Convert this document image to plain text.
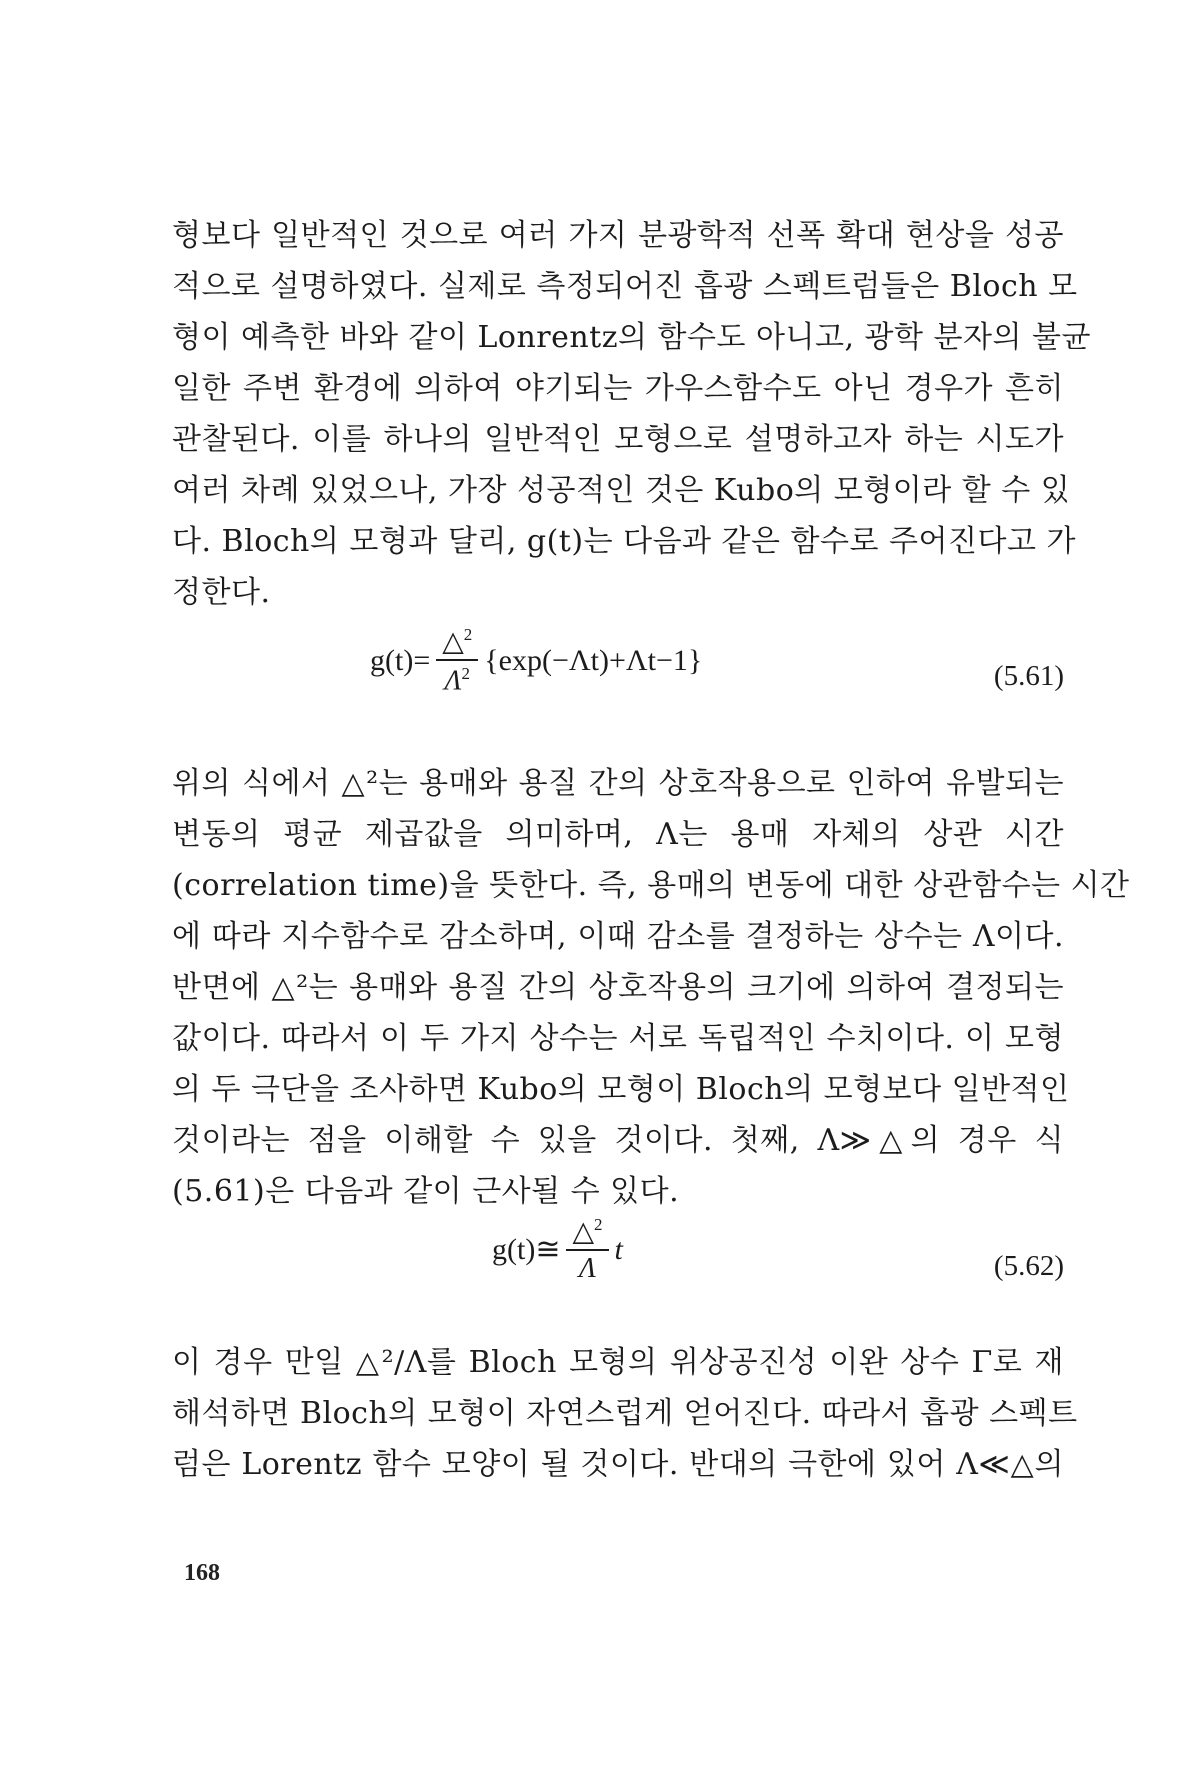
형보다 일반적인 것으로 여러 가지 분광학적 선폭 확대 현상을 성공
적으로 설명하였다. 실제로 측정되어진 흡광 스펙트럼들은 Bloch 모
형이 예측한 바와 같이 Lonrentz의 함수도 아니고, 광학 분자의 불균
일한 주변 환경에 의하여 야기되는 가우스함수도 아닌 경우가 흔히
관찰된다. 이를 하나의 일반적인 모형으로 설명하고자 하는 시도가
여러 차례 있었으나, 가장 성공적인 것은 Kubo의 모형이라 할 수 있
다. Bloch의 모형과 달리, g(t)는 다음과 같은 함수로 주어진다고 가
정한다.
$g(t)= \frac{\triangle^2}{\Lambda^2} \{\exp(-\Lambda t)+\Lambda t-1\}$	(5.61)
위의 식에서 △²는 용매와 용질 간의 상호작용으로 인하여 유발되는
변동의 평균 제곱값을 의미하며, Λ는 용매 자체의 상관 시간
(correlation time)을 뜻한다. 즉, 용매의 변동에 대한 상관함수는 시간
에 따라 지수함수로 감소하며, 이때 감소를 결정하는 상수는 Λ이다.
반면에 △²는 용매와 용질 간의 상호작용의 크기에 의하여 결정되는
값이다. 따라서 이 두 가지 상수는 서로 독립적인 수치이다. 이 모형
의 두 극단을 조사하면 Kubo의 모형이 Bloch의 모형보다 일반적인
것이라는 점을 이해할 수 있을 것이다. 첫째, Λ≫△의 경우 식
(5.61)은 다음과 같이 근사될 수 있다.
g(t)≅ $\frac{\triangle^2}{\Lambda}$ t
(5.62)
이 경우 만일 △²/Λ를 Bloch 모형의 위상공진성 이완 상수 Γ로 재
해석하면 Bloch의 모형이 자연스럽게 얻어진다. 따라서 흡광 스펙트
럼은 Lorentz 함수 모양이 될 것이다. 반대의 극한에 있어 Λ≪△의
168
